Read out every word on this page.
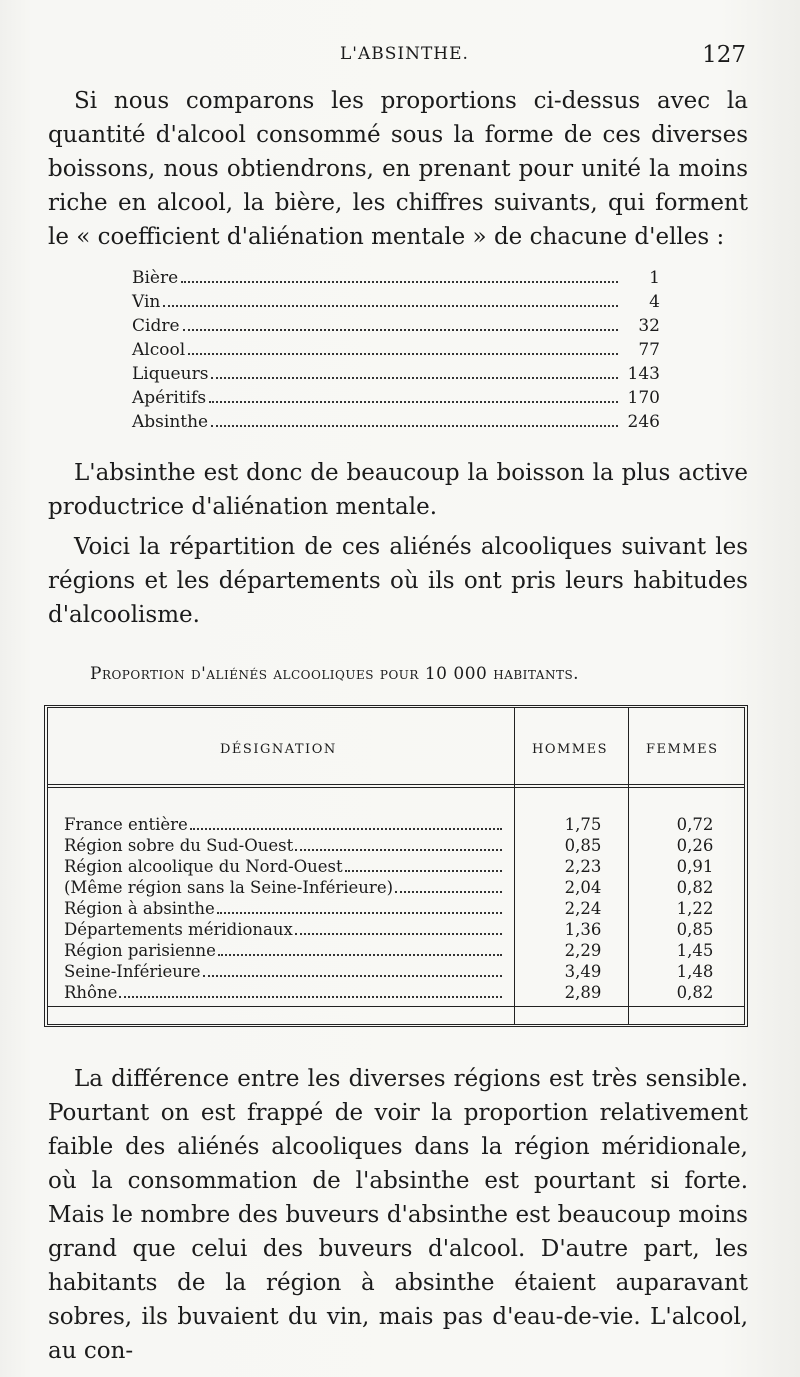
L'ABSINTHE.	127

Si nous comparons les proportions ci-dessus avec la quantité d'alcool consommé sous la forme de ces diverses boissons, nous obtiendrons, en prenant pour unité la moins riche en alcool, la bière, les chiffres suivants, qui forment le « coefficient d'aliénation mentale » de chacune d'elles :

Bière	1
Vin	4
Cidre	32
Alcool	77
Liqueurs	143
Apéritifs	170
Absinthe	246

L'absinthe est donc de beaucoup la boisson la plus active productrice d'aliénation mentale.

Voici la répartition de ces aliénés alcooliques suivant les régions et les départements où ils ont pris leurs habitudes d'alcoolisme.

Proportion d'aliénés alcooliques pour 10 000 habitants.
DÉSIGNATION	HOMMES	FEMMES
France entière	1,75	0,72
Région sobre du Sud-Ouest	0,85	0,26
Région alcoolique du Nord-Ouest	2,23	0,91
(Même région sans la Seine-Inférieure)	2,04	0,82
Région à absinthe	2,24	1,22
Départements méridionaux	1,36	0,85
Région parisienne	2,29	1,45
Seine-Inférieure	3,49	1,48
Rhône	2,89	0,82

La différence entre les diverses régions est très sensible. Pourtant on est frappé de voir la proportion relativement faible des aliénés alcooliques dans la région méridionale, où la consommation de l'absinthe est pourtant si forte. Mais le nombre des buveurs d'absinthe est beaucoup moins grand que celui des buveurs d'alcool. D'autre part, les habitants de la région à absinthe étaient auparavant sobres, ils buvaient du vin, mais pas d'eau-de-vie. L'alcool, au con-
